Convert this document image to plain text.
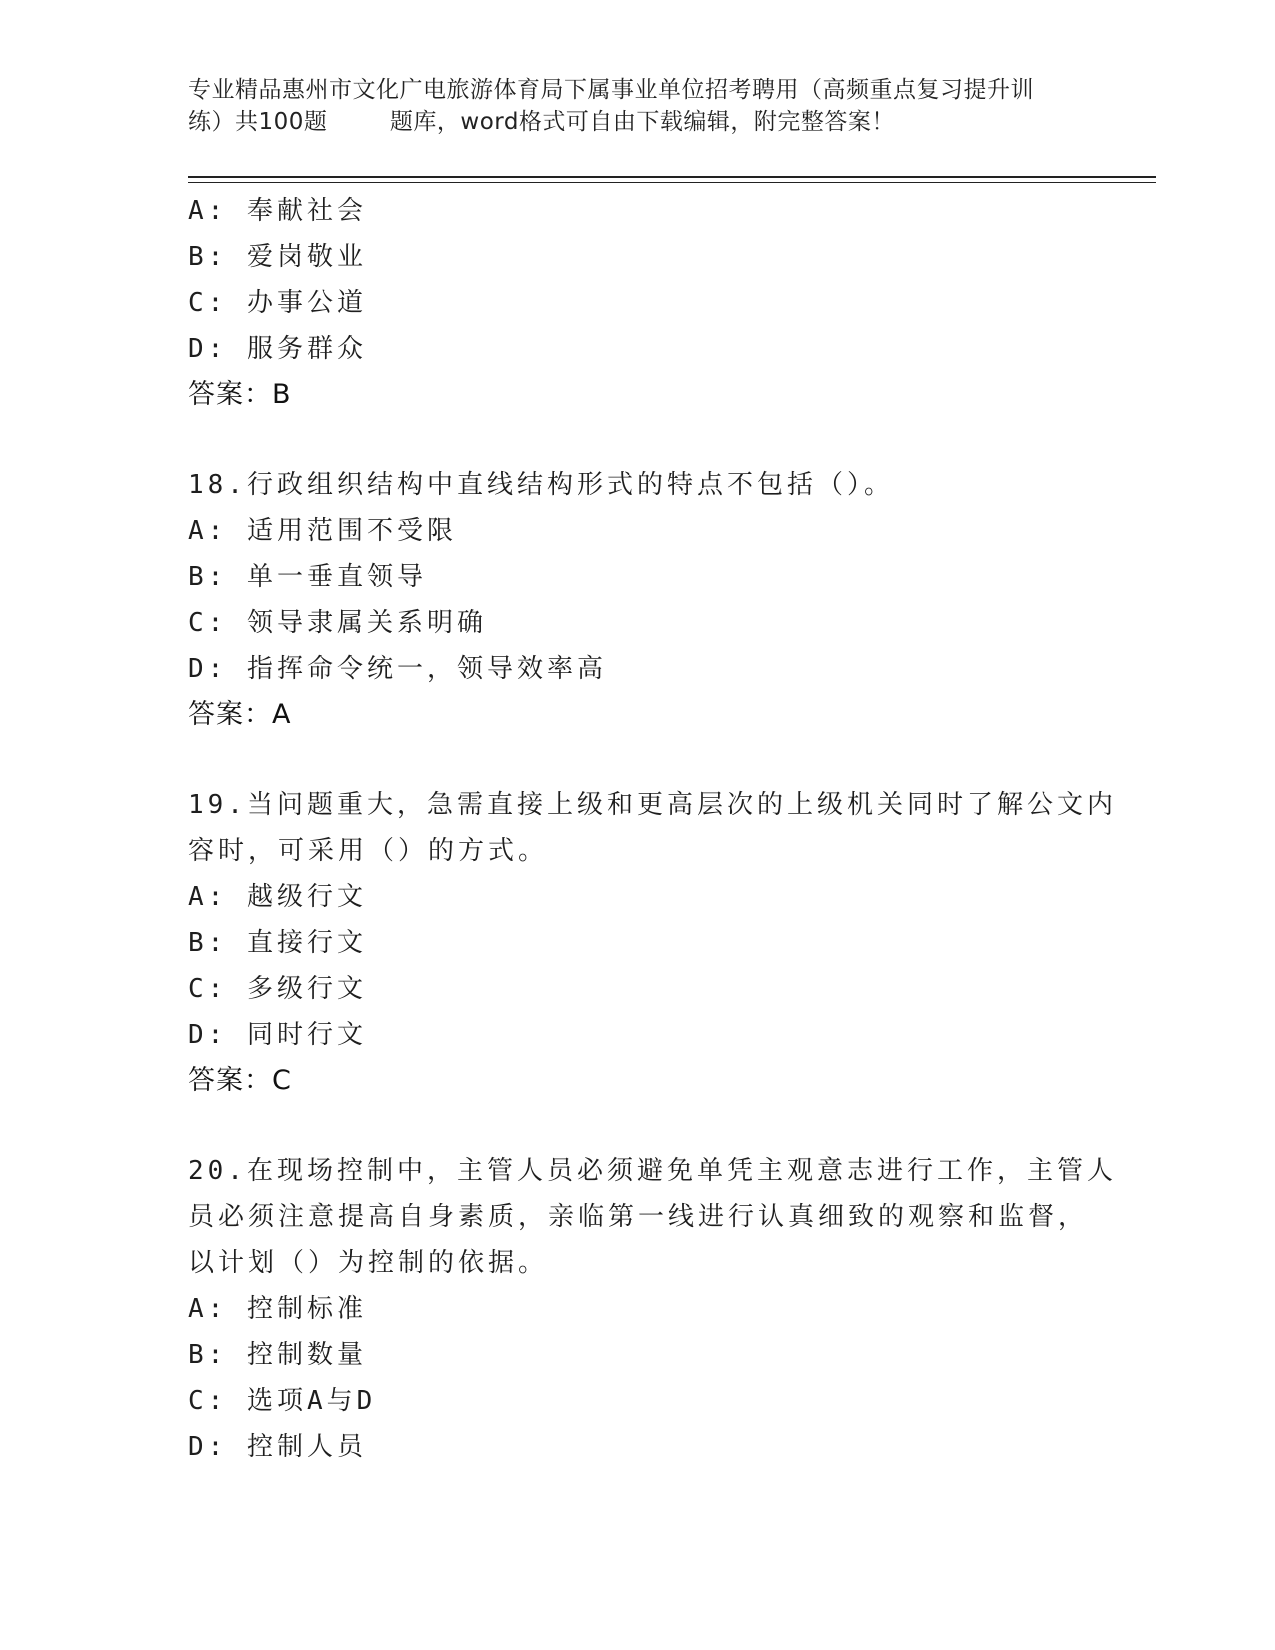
专业精品惠州市文化广电旅游体育局下属事业单位招考聘用（高频重点复习提升训
练）共100题        题库，word格式可自由下载编辑，附完整答案！
A: 奉献社会
B: 爱岗敬业
C: 办事公道
D: 服务群众
答案：B
18.行政组织结构中直线结构形式的特点不包括（）。
A: 适用范围不受限
B: 单一垂直领导
C: 领导隶属关系明确
D: 指挥命令统一，领导效率高
答案：A
19.当问题重大，急需直接上级和更高层次的上级机关同时了解公文内
容时，可采用（）的方式。
A: 越级行文
B: 直接行文
C: 多级行文
D: 同时行文
答案：C
20.在现场控制中，主管人员必须避免单凭主观意志进行工作，主管人
员必须注意提高自身素质，亲临第一线进行认真细致的观察和监督，
以计划（）为控制的依据。
A: 控制标准
B: 控制数量
C: 选项A与D
D: 控制人员
